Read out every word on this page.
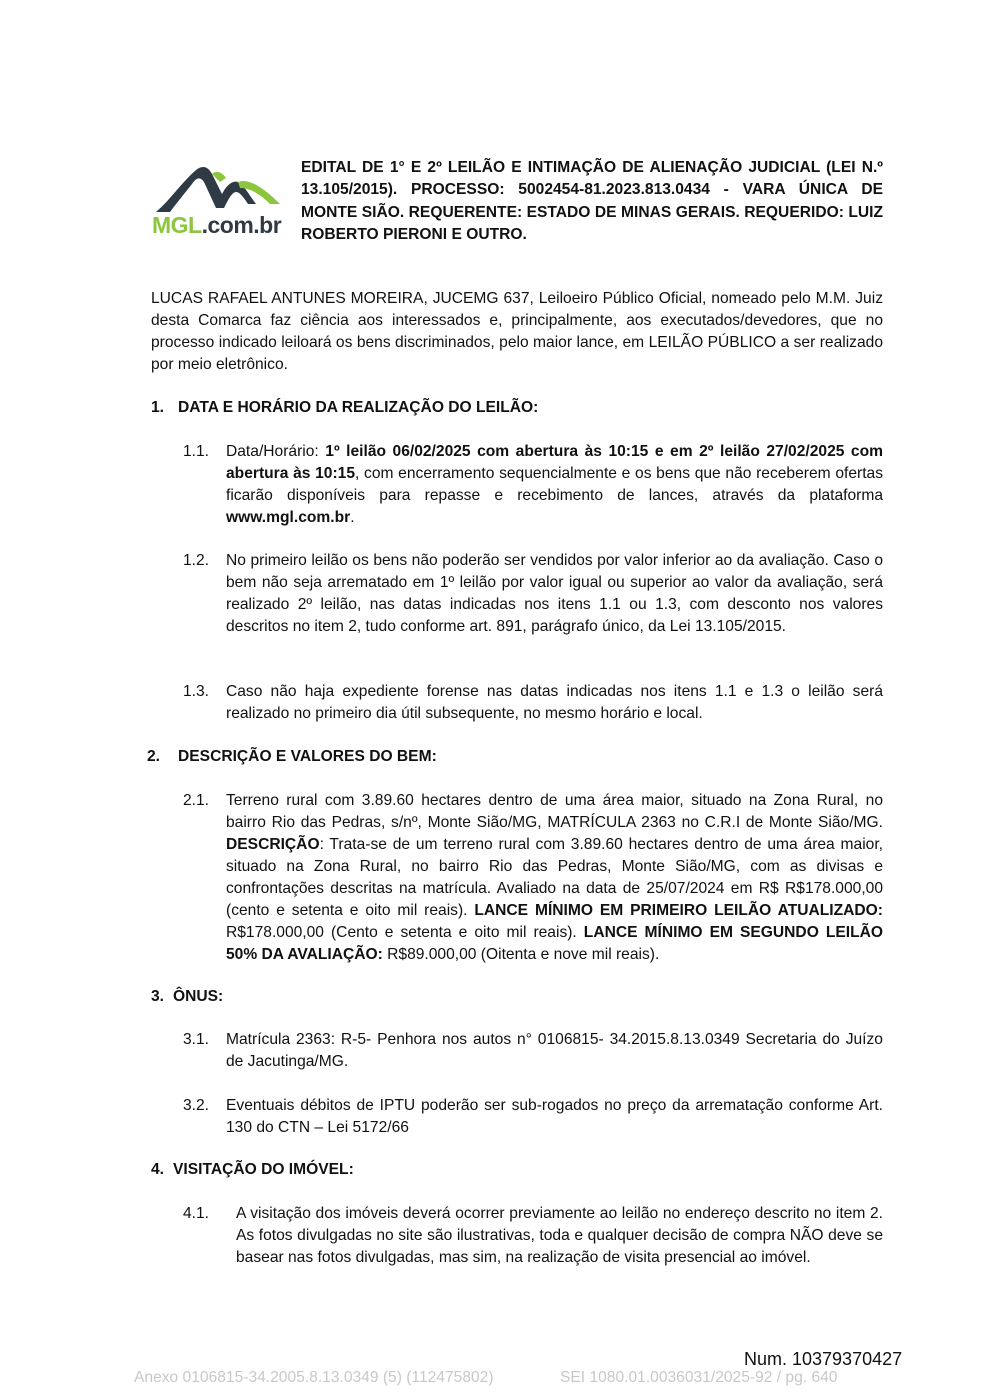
MGL.com.br
EDITAL DE 1° E 2º LEILÃO E INTIMAÇÃO DE ALIENAÇÃO JUDICIAL (LEI N.º 13.105/2015). PROCESSO: 5002454-81.2023.813.0434 - VARA ÚNICA DE MONTE SIÃO. REQUERENTE: ESTADO DE MINAS GERAIS. REQUERIDO: LUIZ ROBERTO PIERONI E OUTRO.
LUCAS RAFAEL ANTUNES MOREIRA, JUCEMG 637, Leiloeiro Público Oficial, nomeado pelo M.M. Juiz desta Comarca faz ciência aos interessados e, principalmente, aos executados/devedores, que no processo indicado leiloará os bens discriminados, pelo maior lance, em LEILÃO PÚBLICO a ser realizado por meio eletrônico.
1. DATA E HORÁRIO DA REALIZAÇÃO DO LEILÃO:
1.1. Data/Horário: 1º leilão 06/02/2025 com abertura às 10:15 e em 2º leilão 27/02/2025 com abertura às 10:15, com encerramento sequencialmente e os bens que não receberem ofertas ficarão disponíveis para repasse e recebimento de lances, através da plataforma www.mgl.com.br.
1.2. No primeiro leilão os bens não poderão ser vendidos por valor inferior ao da avaliação. Caso o bem não seja arrematado em 1º leilão por valor igual ou superior ao valor da avaliação, será realizado 2º leilão, nas datas indicadas nos itens 1.1 ou 1.3, com desconto nos valores descritos no item 2, tudo conforme art. 891, parágrafo único, da Lei 13.105/2015.
1.3. Caso não haja expediente forense nas datas indicadas nos itens 1.1 e 1.3 o leilão será realizado no primeiro dia útil subsequente, no mesmo horário e local.
2. DESCRIÇÃO E VALORES DO BEM:
2.1. Terreno rural com 3.89.60 hectares dentro de uma área maior, situado na Zona Rural, no bairro Rio das Pedras, s/nº, Monte Sião/MG, MATRÍCULA 2363 no C.R.I de Monte Sião/MG. DESCRIÇÃO: Trata-se de um terreno rural com 3.89.60 hectares dentro de uma área maior, situado na Zona Rural, no bairro Rio das Pedras, Monte Sião/MG, com as divisas e confrontações descritas na matrícula. Avaliado na data de 25/07/2024 em R$ R$178.000,00 (cento e setenta e oito mil reais). LANCE MÍNIMO EM PRIMEIRO LEILÃO ATUALIZADO: R$178.000,00 (Cento e setenta e oito mil reais). LANCE MÍNIMO EM SEGUNDO LEILÃO 50% DA AVALIAÇÃO: R$89.000,00 (Oitenta e nove mil reais).
3. ÔNUS:
3.1. Matrícula 2363: R-5- Penhora nos autos n° 0106815- 34.2015.8.13.0349 Secretaria do Juízo de Jacutinga/MG.
3.2. Eventuais débitos de IPTU poderão ser sub-rogados no preço da arrematação conforme Art. 130 do CTN – Lei 5172/66
4. VISITAÇÃO DO IMÓVEL:
4.1. A visitação dos imóveis deverá ocorrer previamente ao leilão no endereço descrito no item 2. As fotos divulgadas no site são ilustrativas, toda e qualquer decisão de compra NÃO deve se basear nas fotos divulgadas, mas sim, na realização de visita presencial ao imóvel.
Num. 10379370427
Anexo 0106815-34.2005.8.13.0349 (5) (112475802)	SEI 1080.01.0036031/2025-92 / pg. 640
